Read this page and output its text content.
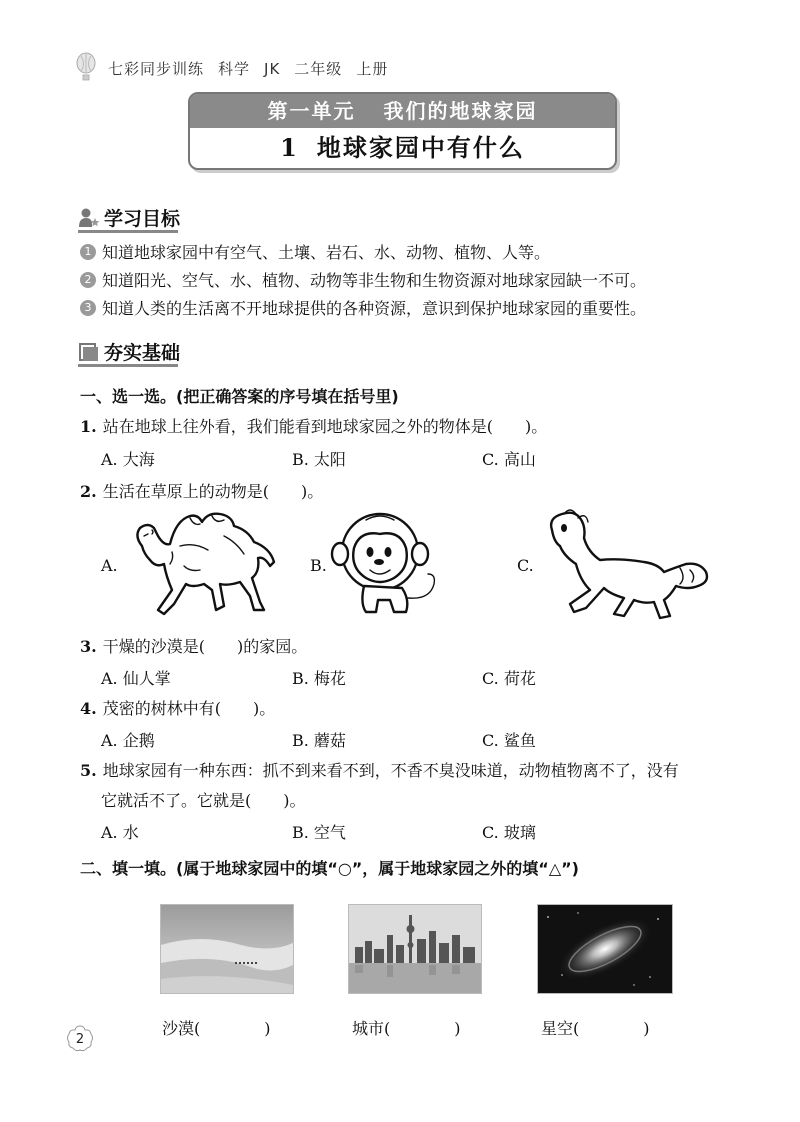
七彩同步训练 科学 JK 二年级 上册
第一单元 我们的地球家园
1 地球家园中有什么
学习目标
1 知道地球家园中有空气、土壤、岩石、水、动物、植物、人等。
2 知道阳光、空气、水、植物、动物等非生物和生物资源对地球家园缺一不可。
3 知道人类的生活离不开地球提供的各种资源，意识到保护地球家园的重要性。
夯实基础
一、选一选。(把正确答案的序号填在括号里)
1. 站在地球上往外看，我们能看到地球家园之外的物体是(　　)。
A. 大海	B. 太阳	C. 高山
2. 生活在草原上的动物是(　　)。
A.	B.	C.
3. 干燥的沙漠是(　　)的家园。
A. 仙人掌	B. 梅花	C. 荷花
4. 茂密的树林中有(　　)。
A. 企鹅	B. 蘑菇	C. 鲨鱼
5. 地球家园有一种东西：抓不到来看不到，不香不臭没味道，动物植物离不了，没有
它就活不了。它就是(　　)。
A. 水	B. 空气	C. 玻璃
二、填一填。(属于地球家园中的填“○”，属于地球家园之外的填“△”)
沙漠(　　　　)	城市(　　　　)	星空(　　　　)
2
